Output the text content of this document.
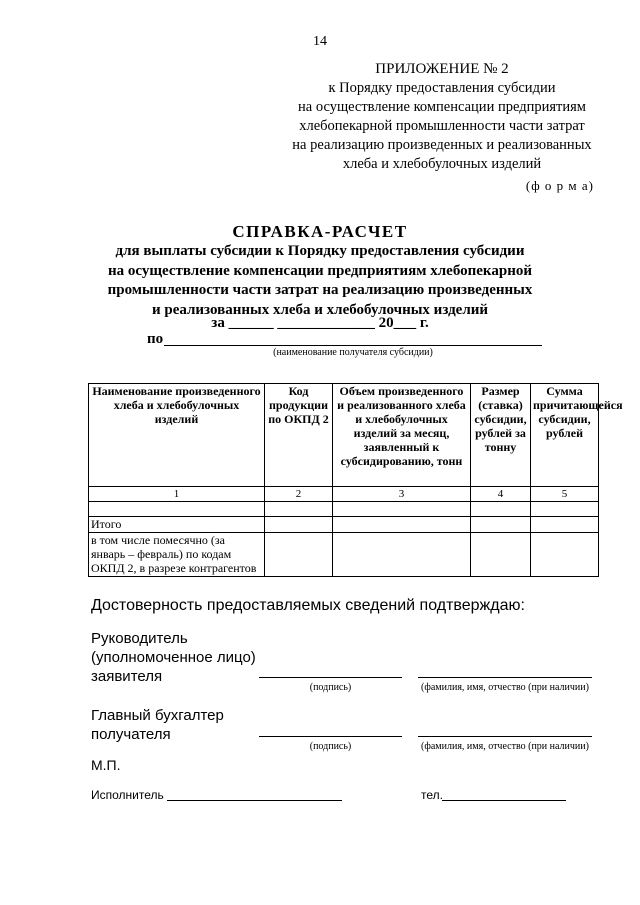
14
ПРИЛОЖЕНИЕ № 2
к Порядку предоставления субсидии
на осуществление компенсации предприятиям
хлебопекарной промышленности части затрат
на реализацию произведенных и реализованных
хлеба и хлебобулочных изделий
(ф о р м а)
СПРАВКА-РАСЧЕТ
для выплаты субсидии к Порядку предоставления субсидии
на осуществление компенсации предприятиям хлебопекарной
промышленности части затрат на реализацию произведенных
и реализованных хлеба и хлебобулочных изделий
за ______ _____________ 20___ г.
по
(наименование получателя субсидии)
Наименование произведенного хлеба и хлебобулочных изделий	Код продукции по ОКПД 2	Объем произведенного и реализованного хлеба и хлебобулочных изделий за месяц, заявленный к субсидированию, тонн	Размер (ставка) субсидии, рублей за тонну	Сумма причитающейся субсидии, рублей
1	2	3	4	5

Итого				
в том числе помесячно (за январь – февраль) по кодам ОКПД 2, в разрезе контрагентов				
Достоверность предоставляемых сведений подтверждаю:
Руководитель
(уполномоченное лицо)
заявителя
(подпись)	(фамилия, имя, отчество (при наличии)
Главный бухгалтер
получателя
(подпись)	(фамилия, имя, отчество (при наличии)
М.П.
Исполнитель	тел.
